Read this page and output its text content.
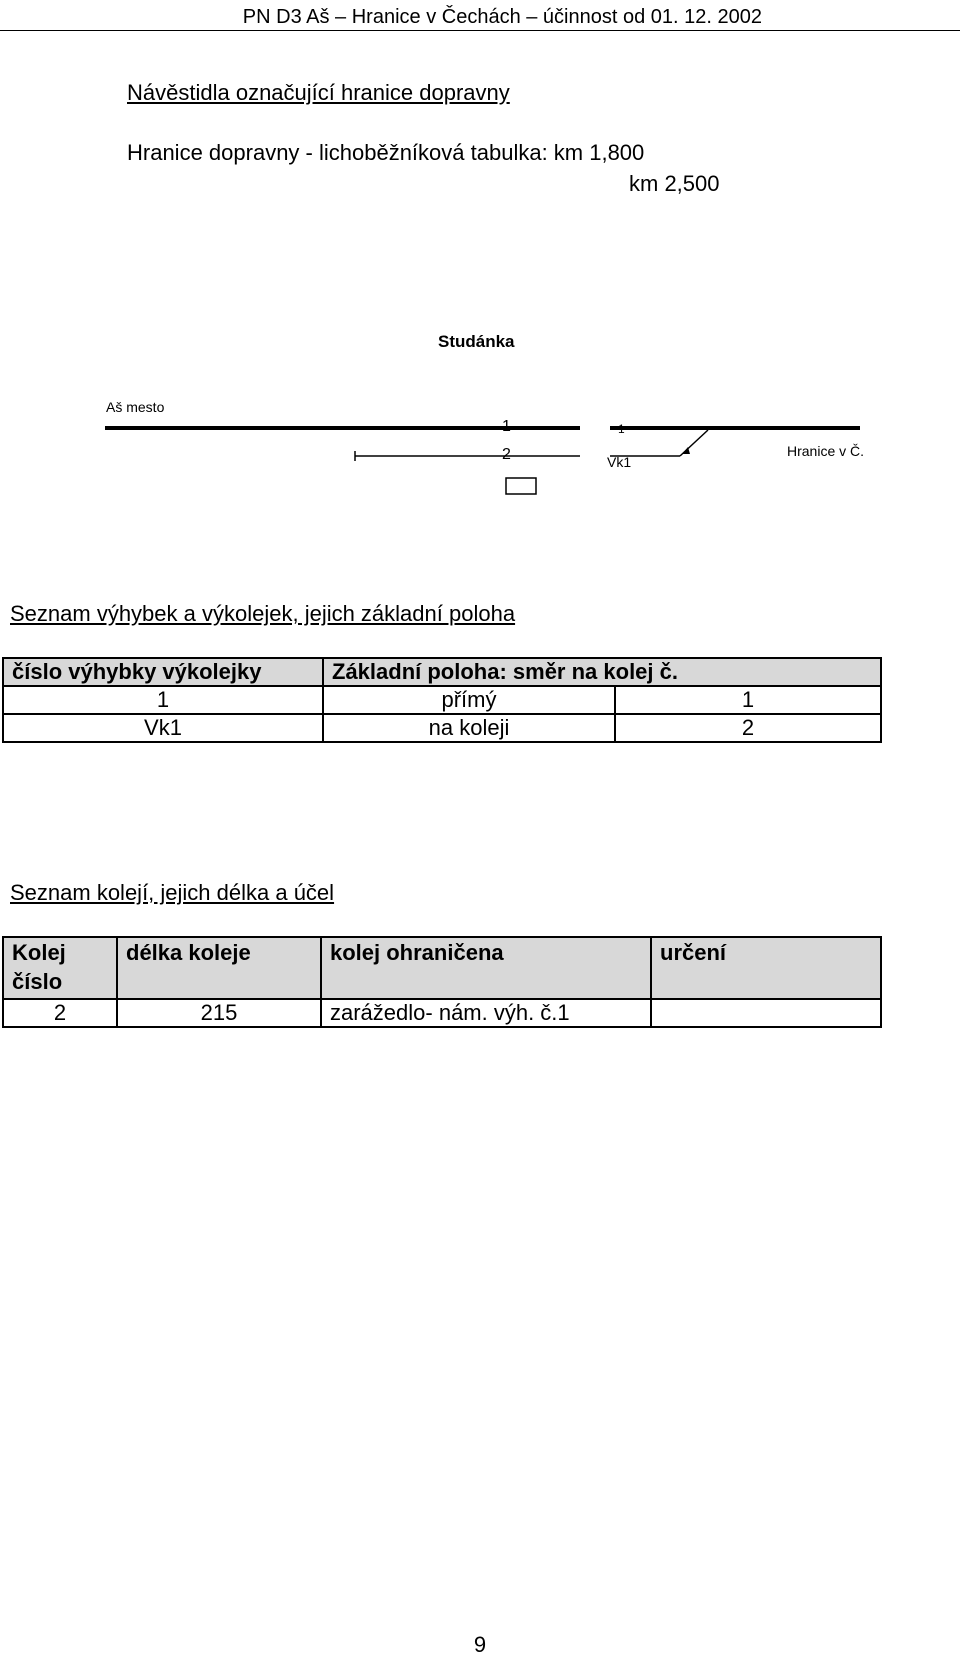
PN D3 Aš – Hranice v Čechách – účinnost od 01. 12. 2002
Návěstidla označující hranice dopravny
Hranice dopravny - lichoběžníková tabulka: km 1,800
km 2,500
Studánka
Aš mesto
Hranice v Č.
1
2
1
Vk1
Seznam výhybek a výkolejek, jejich základní poloha
číslo výhybky výkolejky	Základní poloha: směr na kolej č.	
1	přímý	1
Vk1	na koleji	2
Seznam kolejí, jejich délka a účel
Kolej
číslo	délka koleje	kolej ohraničena	určení
2	215	zarážedlo- nám. výh. č.1	
9
